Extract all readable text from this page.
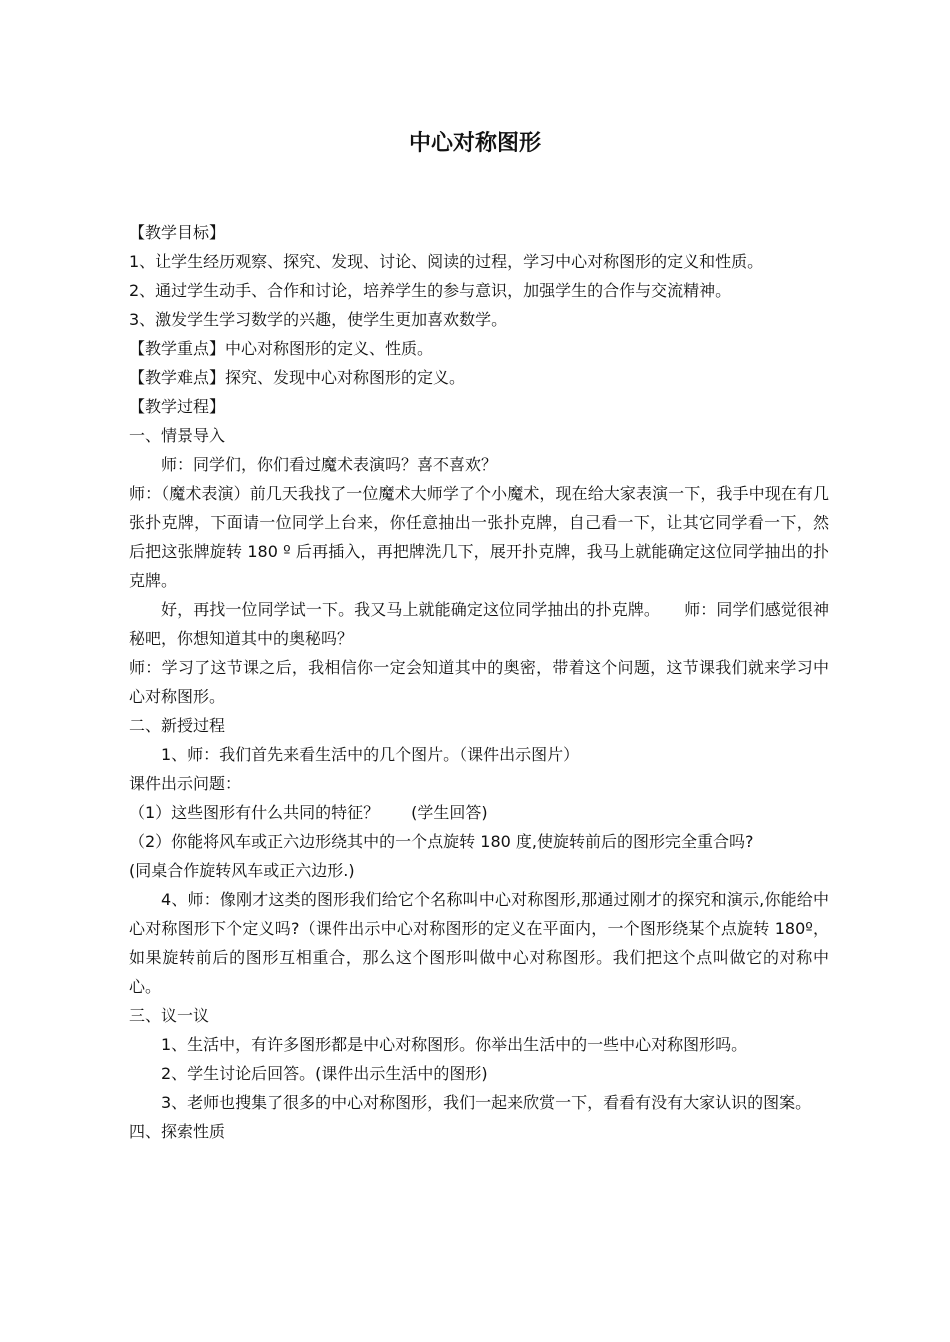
中心对称图形

【教学目标】

1、让学生经历观察、探究、发现、讨论、阅读的过程，学习中心对称图形的定义和性质。

2、通过学生动手、合作和讨论，培养学生的参与意识，加强学生的合作与交流精神。

3、激发学生学习数学的兴趣，使学生更加喜欢数学。

【教学重点】中心对称图形的定义、性质。

【教学难点】探究、发现中心对称图形的定义。

【教学过程】

一、情景导入

师：同学们，你们看过魔术表演吗？喜不喜欢？

师：（魔术表演）前几天我找了一位魔术大师学了个小魔术，现在给大家表演一下，我手中现在有几张扑克牌，下面请一位同学上台来，你任意抽出一张扑克牌，自己看一下，让其它同学看一下，然后把这张牌旋转 180 º 后再插入，再把牌洗几下，展开扑克牌，我马上就能确定这位同学抽出的扑克牌。

好，再找一位同学试一下。我又马上就能确定这位同学抽出的扑克牌。　　师：同学们感觉很神秘吧，你想知道其中的奥秘吗？

师：学习了这节课之后，我相信你一定会知道其中的奥密，带着这个问题，这节课我们就来学习中心对称图形。

二、新授过程

1、师：我们首先来看生活中的几个图片。（课件出示图片）

课件出示问题：

（1）这些图形有什么共同的特征？　　(学生回答)

（2）你能将风车或正六边形绕其中的一个点旋转 180 度,使旋转前后的图形完全重合吗?

(同桌合作旋转风车或正六边形.)

4、师：像刚才这类的图形我们给它个名称叫中心对称图形,那通过刚才的探究和演示,你能给中心对称图形下个定义吗?（课件出示中心对称图形的定义在平面内，一个图形绕某个点旋转 180º，如果旋转前后的图形互相重合，那么这个图形叫做中心对称图形。我们把这个点叫做它的对称中心。

三、议一议

1、生活中，有许多图形都是中心对称图形。你举出生活中的一些中心对称图形吗。

2、学生讨论后回答。(课件出示生活中的图形)

3、老师也搜集了很多的中心对称图形，我们一起来欣赏一下，看看有没有大家认识的图案。

四、探索性质
